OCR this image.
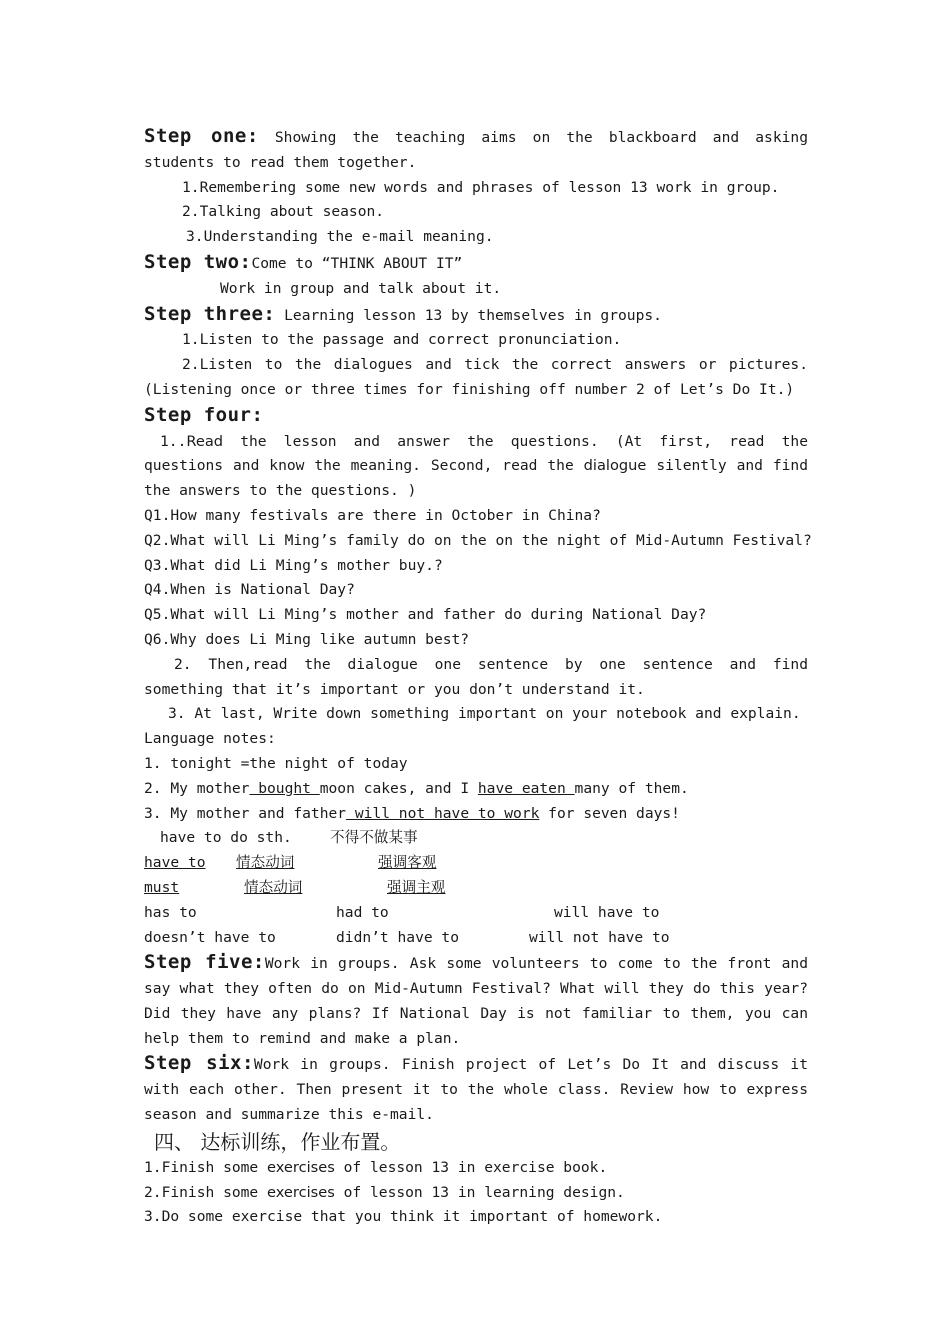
Step one: Showing the teaching aims on the blackboard and asking students to read them together.

1.Remembering some new words and phrases of lesson 13 work in group.

2.Talking about season.

3.Understanding the e-mail meaning.

Step two:Come to “THINK ABOUT IT”

Work in group and talk about it.

Step three: Learning lesson 13 by themselves in groups.

1.Listen to the passage and correct pronunciation.

2.Listen to the dialogues and tick the correct answers or pictures. (Listening once or three times for finishing off number 2 of Let’s Do It.)

Step four:

1..Read the lesson and answer the questions. (At first, read the questions and know the meaning. Second, read the dialogue silently and find the answers to the questions. )

Q1.How many festivals are there in October in China?

Q2.What will Li Ming’s family do on the on the night of Mid-Autumn Festival?

Q3.What did Li Ming’s mother buy.?

Q4.When is National Day?

Q5.What will Li Ming’s mother and father do during National Day?

Q6.Why does Li Ming like autumn best?

2. Then,read the dialogue one sentence by one sentence and find something that it’s important or you don’t understand it.

3. At last, Write down something important on your notebook and explain.

Language notes:

1. tonight =the night of today

2. My mother bought moon cakes, and I have eaten many of them.

3. My mother and father will not have to work for seven days!

have to do sth.	不得不做某事
have to	情态动词	强调客观
must	情态动词	强调主观
has to	had to	will have to
doesn’t have to	didn’t have to	will not have to

Step five:Work in groups. Ask some volunteers to come to the front and say what they often do on Mid-Autumn Festival? What will they do this year? Did they have any plans? If National Day is not familiar to them, you can help them to remind and make a plan.

Step six:Work in groups. Finish project of Let’s Do It and discuss it with each other. Then present it to the whole class. Review how to express season and summarize this e-mail.

四、 达标训练，作业布置。

1.Finish some exercises of lesson 13 in exercise book.

2.Finish some exercises of lesson 13 in learning design.

3.Do some exercise that you think it important of homework.
